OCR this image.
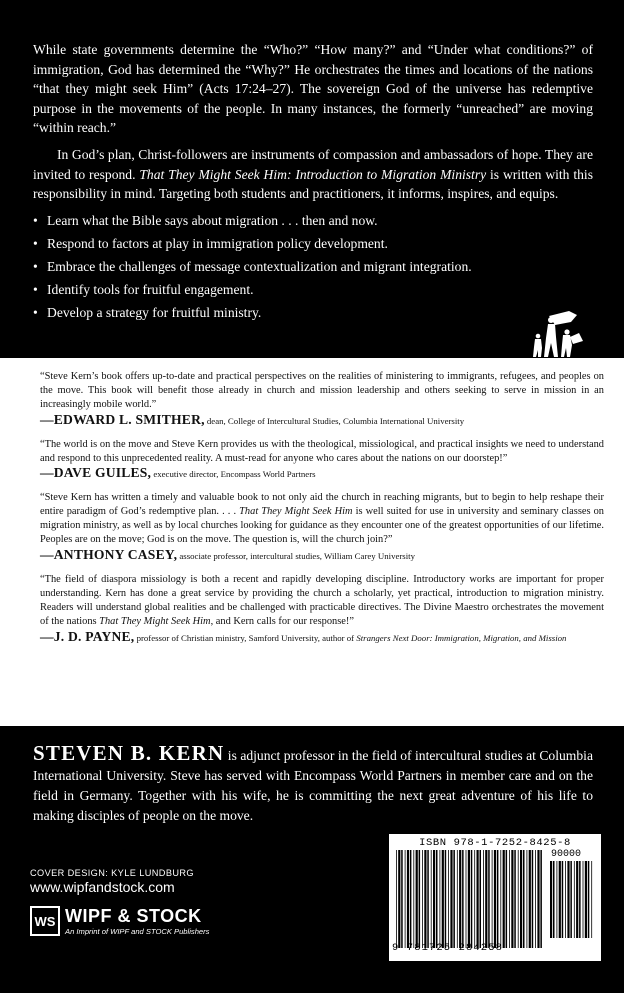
While state governments determine the “Who?” “How many?” and “Under what conditions?” of immigration, God has determined the “Why?” He orchestrates the times and locations of the nations “that they might seek Him” (Acts 17:24–27). The sovereign God of the universe has redemptive purpose in the movements of the people. In many instances, the formerly “unreached” are moving “within reach.”

In God’s plan, Christ-followers are instruments of compassion and ambassadors of hope. They are invited to respond. That They Might Seek Him: Introduction to Migration Ministry is written with this responsibility in mind. Targeting both students and practitioners, it informs, inspires, and equips.

• Learn what the Bible says about migration . . . then and now.
• Respond to factors at play in immigration policy development.
• Embrace the challenges of message contextualization and migrant integration.
• Identify tools for fruitful engagement.
• Develop a strategy for fruitful ministry.
“Steve Kern’s book offers up-to-date and practical perspectives on the realities of ministering to immigrants, refugees, and peoples on the move. This book will benefit those already in church and mission leadership and others seeking to serve in mission in an increasingly mobile world.”
—EDWARD L. SMITHER, dean, College of Intercultural Studies, Columbia International University
“The world is on the move and Steve Kern provides us with the theological, missiological, and practical insights we need to understand and respond to this unprecedented reality. A must-read for anyone who cares about the nations on our doorstep!”
—DAVE GUILES, executive director, Encompass World Partners
“Steve Kern has written a timely and valuable book to not only aid the church in reaching migrants, but to begin to help reshape their entire paradigm of God’s redemptive plan. . . . That They Might Seek Him is well suited for use in university and seminary classes on migration ministry, as well as by local churches looking for guidance as they encounter one of the greatest opportunities of our lifetime. Peoples are on the move; God is on the move. The question is, will the church join?”
—ANTHONY CASEY, associate professor, intercultural studies, William Carey University
“The field of diaspora missiology is both a recent and rapidly developing discipline. Introductory works are important for proper understanding. Kern has done a great service by providing the church a scholarly, yet practical, introduction to migration ministry. Readers will understand global realities and be challenged with practicable directives. The Divine Maestro orchestrates the movement of the nations That They Might Seek Him, and Kern calls for our response!”
—J. D. PAYNE, professor of Christian ministry, Samford University, author of Strangers Next Door: Immigration, Migration, and Mission

STEVEN B. KERN is adjunct professor in the field of intercultural studies at Columbia International University. Steve has served with Encompass World Partners in member care and on the field in Germany. Together with his wife, he is committing the next great adventure of his life to making disciples of people on the move.

COVER DESIGN: KYLE LUNDBURG
www.wipfandstock.com
WS WIPF & STOCK
An Imprint of WIPF and STOCK Publishers
ISBN 978-1-7252-8425-8
90000
9 781725 284258
